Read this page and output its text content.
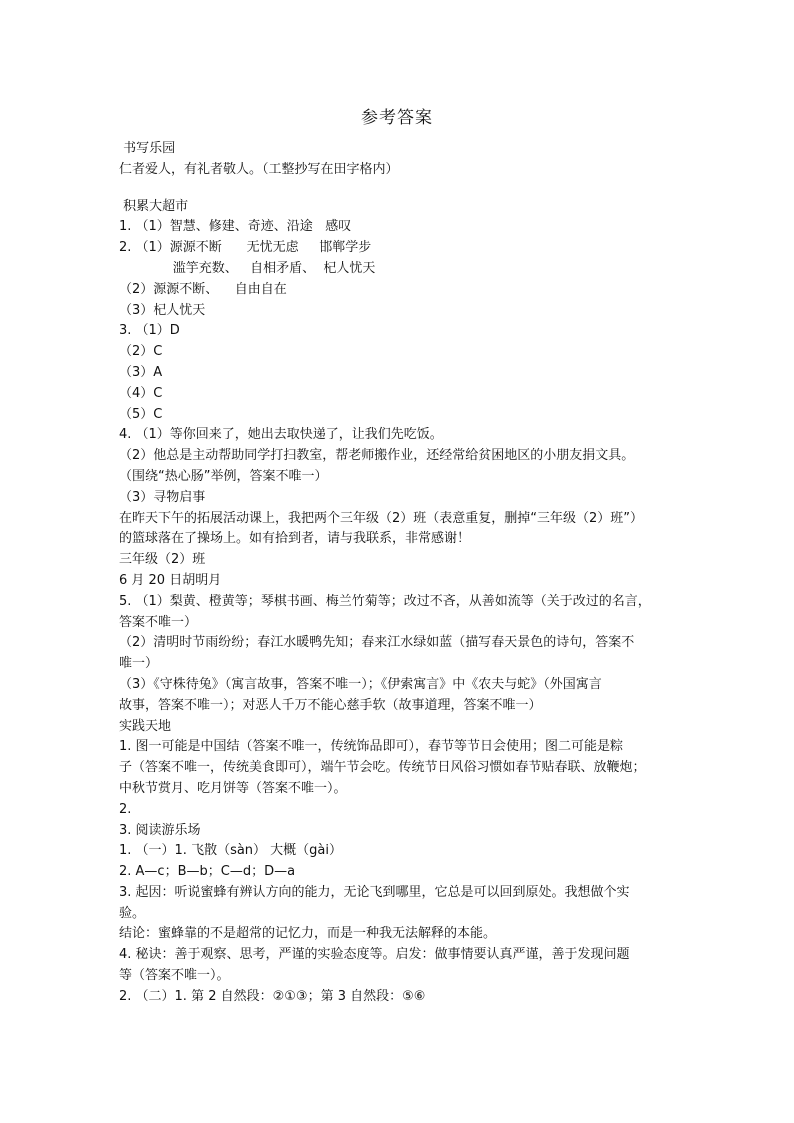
参考答案
书写乐园
仁者爱人，有礼者敬人。（工整抄写在田字格内）
积累大超市
1. （1）智慧、修建、奇迹、沿途   感叹
2. （1）源源不断      无忧无虑     邯郸学步
滥竽充数、   自相矛盾、  杞人忧天
（2）源源不断、    自由自在
（3）杞人忧天
3. （1）D
（2）C
（3）A
（4）C
（5）C
4. （1）等你回来了，她出去取快递了，让我们先吃饭。
（2）他总是主动帮助同学打扫教室，帮老师搬作业，还经常给贫困地区的小朋友捐文具。
（围绕“热心肠”举例，答案不唯一）
（3）寻物启事
在昨天下午的拓展活动课上，我把两个三年级（2）班（表意重复，删掉“三年级（2）班”）
的篮球落在了操场上。如有拾到者，请与我联系，非常感谢！
三年级（2）班
6 月 20 日胡明月
5. （1）梨黄、橙黄等；琴棋书画、梅兰竹菊等；改过不吝，从善如流等（关于改过的名言，
答案不唯一）
（2）清明时节雨纷纷；春江水暖鸭先知；春来江水绿如蓝（描写春天景色的诗句，答案不
唯一）
（3）《守株待兔》（寓言故事，答案不唯一）；《伊索寓言》中《农夫与蛇》（外国寓言
故事，答案不唯一）；对恶人千万不能心慈手软（故事道理，答案不唯一）
实践天地
1. 图一可能是中国结（答案不唯一，传统饰品即可），春节等节日会使用；图二可能是粽
子（答案不唯一，传统美食即可），端午节会吃。传统节日风俗习惯如春节贴春联、放鞭炮；
中秋节赏月、吃月饼等（答案不唯一）。
2.
3. 阅读游乐场
1. （一）1. 飞散（sàn） 大概（gài）
2. A—c；B—b；C—d；D—a
3. 起因：听说蜜蜂有辨认方向的能力，无论飞到哪里，它总是可以回到原处。我想做个实
验。
结论：蜜蜂靠的不是超常的记忆力，而是一种我无法解释的本能。
4. 秘诀：善于观察、思考，严谨的实验态度等。启发：做事情要认真严谨，善于发现问题
等（答案不唯一）。
2. （二）1. 第 2 自然段：②①③；第 3 自然段：⑤⑥
